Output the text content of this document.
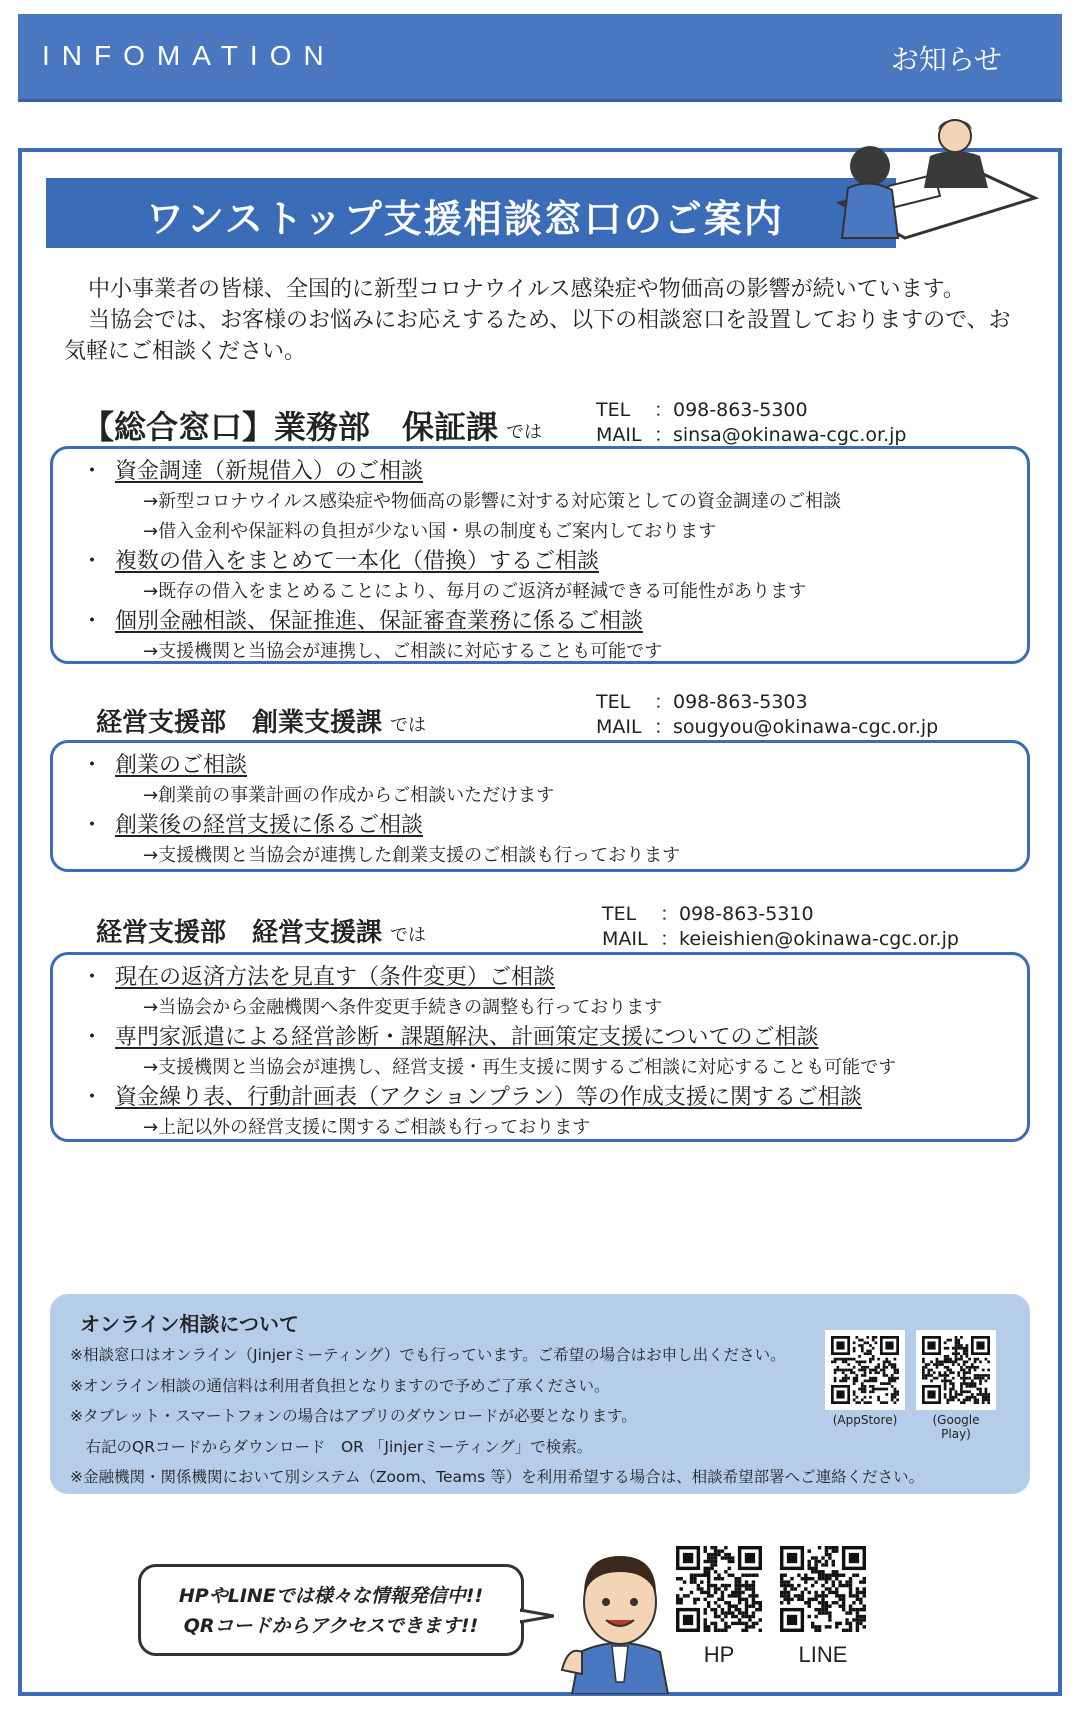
INFOMATION	お知らせ
ワンストップ支援相談窓口のご案内

中小事業者の皆様、全国的に新型コロナウイルス感染症や物価高の影響が続いています。

当協会では、お客様のお悩みにお応えするため、以下の相談窓口を設置しておりますので、お気軽にご相談ください。

【総合窓口】業務部　保証課 では
TEL ：098-863-5300
MAIL ：sinsa@okinawa-cgc.or.jp
・ 資金調達（新規借入）のご相談
→新型コロナウイルス感染症や物価高の影響に対する対応策としての資金調達のご相談
→借入金利や保証料の負担が少ない国・県の制度もご案内しております
・ 複数の借入をまとめて一本化（借換）するご相談
→既存の借入をまとめることにより、毎月のご返済が軽減できる可能性があります
・ 個別金融相談、保証推進、保証審査業務に係るご相談
→支援機関と当協会が連携し、ご相談に対応することも可能です
経営支援部　創業支援課 では
TEL ：098-863-5303
MAIL ：sougyou@okinawa-cgc.or.jp
・ 創業のご相談
→創業前の事業計画の作成からご相談いただけます
・ 創業後の経営支援に係るご相談
→支援機関と当協会が連携した創業支援のご相談も行っております
経営支援部　経営支援課 では
TEL ：098-863-5310
MAIL ：keieishien@okinawa-cgc.or.jp
・ 現在の返済方法を見直す（条件変更）ご相談
→当協会から金融機関へ条件変更手続きの調整も行っております
・ 専門家派遣による経営診断・課題解決、計画策定支援についてのご相談
→支援機関と当協会が連携し、経営支援・再生支援に関するご相談に対応することも可能です
・ 資金繰り表、行動計画表（アクションプラン）等の作成支援に関するご相談
→上記以外の経営支援に関するご相談も行っております
オンライン相談について
※相談窓口はオンライン（Jinjerミーティング）でも行っています。ご希望の場合はお申し出ください。
※オンライン相談の通信料は利用者負担となりますので予めご了承ください。
※タブレット・スマートフォンの場合はアプリのダウンロードが必要となります。
　右記のQRコードからダウンロード　OR 「Jinjerミーティング」で検索。
※金融機関・関係機関において別システム（Zoom、Teams 等）を利用希望する場合は、相談希望部署へご連絡ください。
(AppStore)	(Google Play)
HPやLINEでは様々な情報発信中!!
QRコードからアクセスできます!!
HP	LINE
